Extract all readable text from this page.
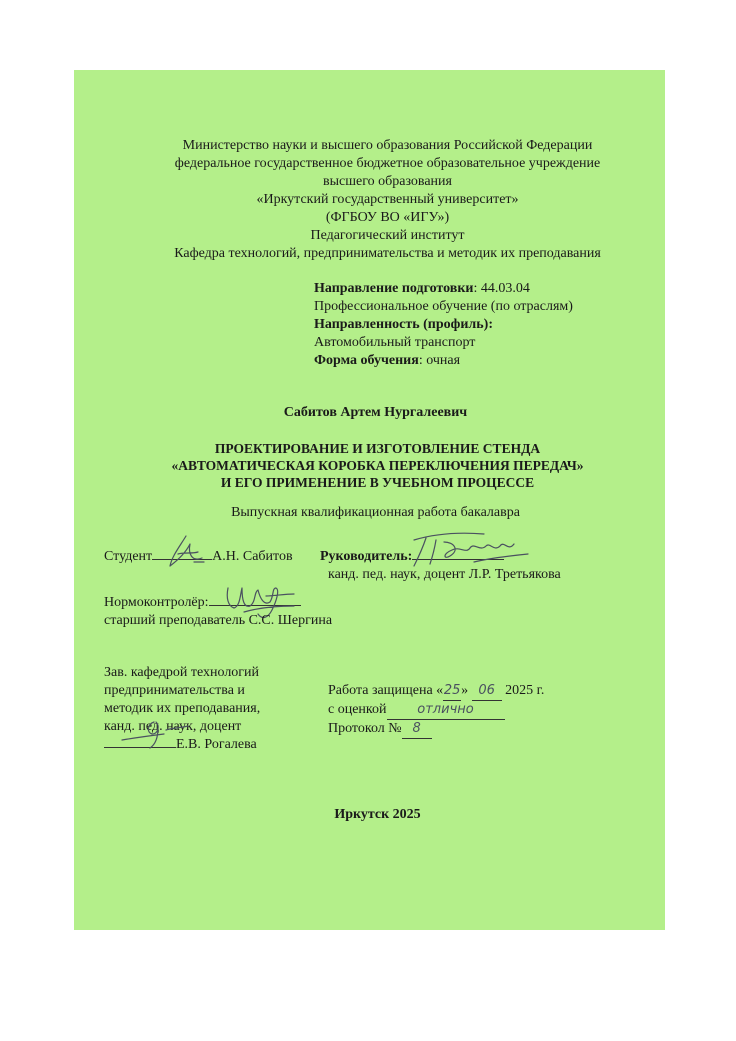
Министерство науки и высшего образования Российской Федерации
федеральное государственное бюджетное образовательное учреждение
высшего образования
«Иркутский государственный университет»
(ФГБОУ ВО «ИГУ»)
Педагогический институт
Кафедра технологий, предпринимательства и методик их преподавания
Направление подготовки: 44.03.04
Профессиональное обучение (по отраслям)
Направленность (профиль):
Автомобильный транспорт
Форма обучения: очная
Сабитов Артем Нургалеевич
ПРОЕКТИРОВАНИЕ И ИЗГОТОВЛЕНИЕ СТЕНДА
«АВТОМАТИЧЕСКАЯ КОРОБКА ПЕРЕКЛЮЧЕНИЯ ПЕРЕДАЧ»
И ЕГО ПРИМЕНЕНИЕ В УЧЕБНОМ ПРОЦЕССЕ
Выпускная квалификационная работа бакалавра
Студент	А.Н. Сабитов Руководитель:
канд. пед. наук, доцент Л.Р. Третьякова
Нормоконтролёр:
старший преподаватель С.С. Шергина
Зав. кафедрой технологий
предпринимательства и
методик их преподавания,
канд. пед. наук, доцент
Е.В. Рогалева
Работа защищена «25» 06 2025 г.
с оценкой отлично
Протокол № 8
Иркутск 2025
